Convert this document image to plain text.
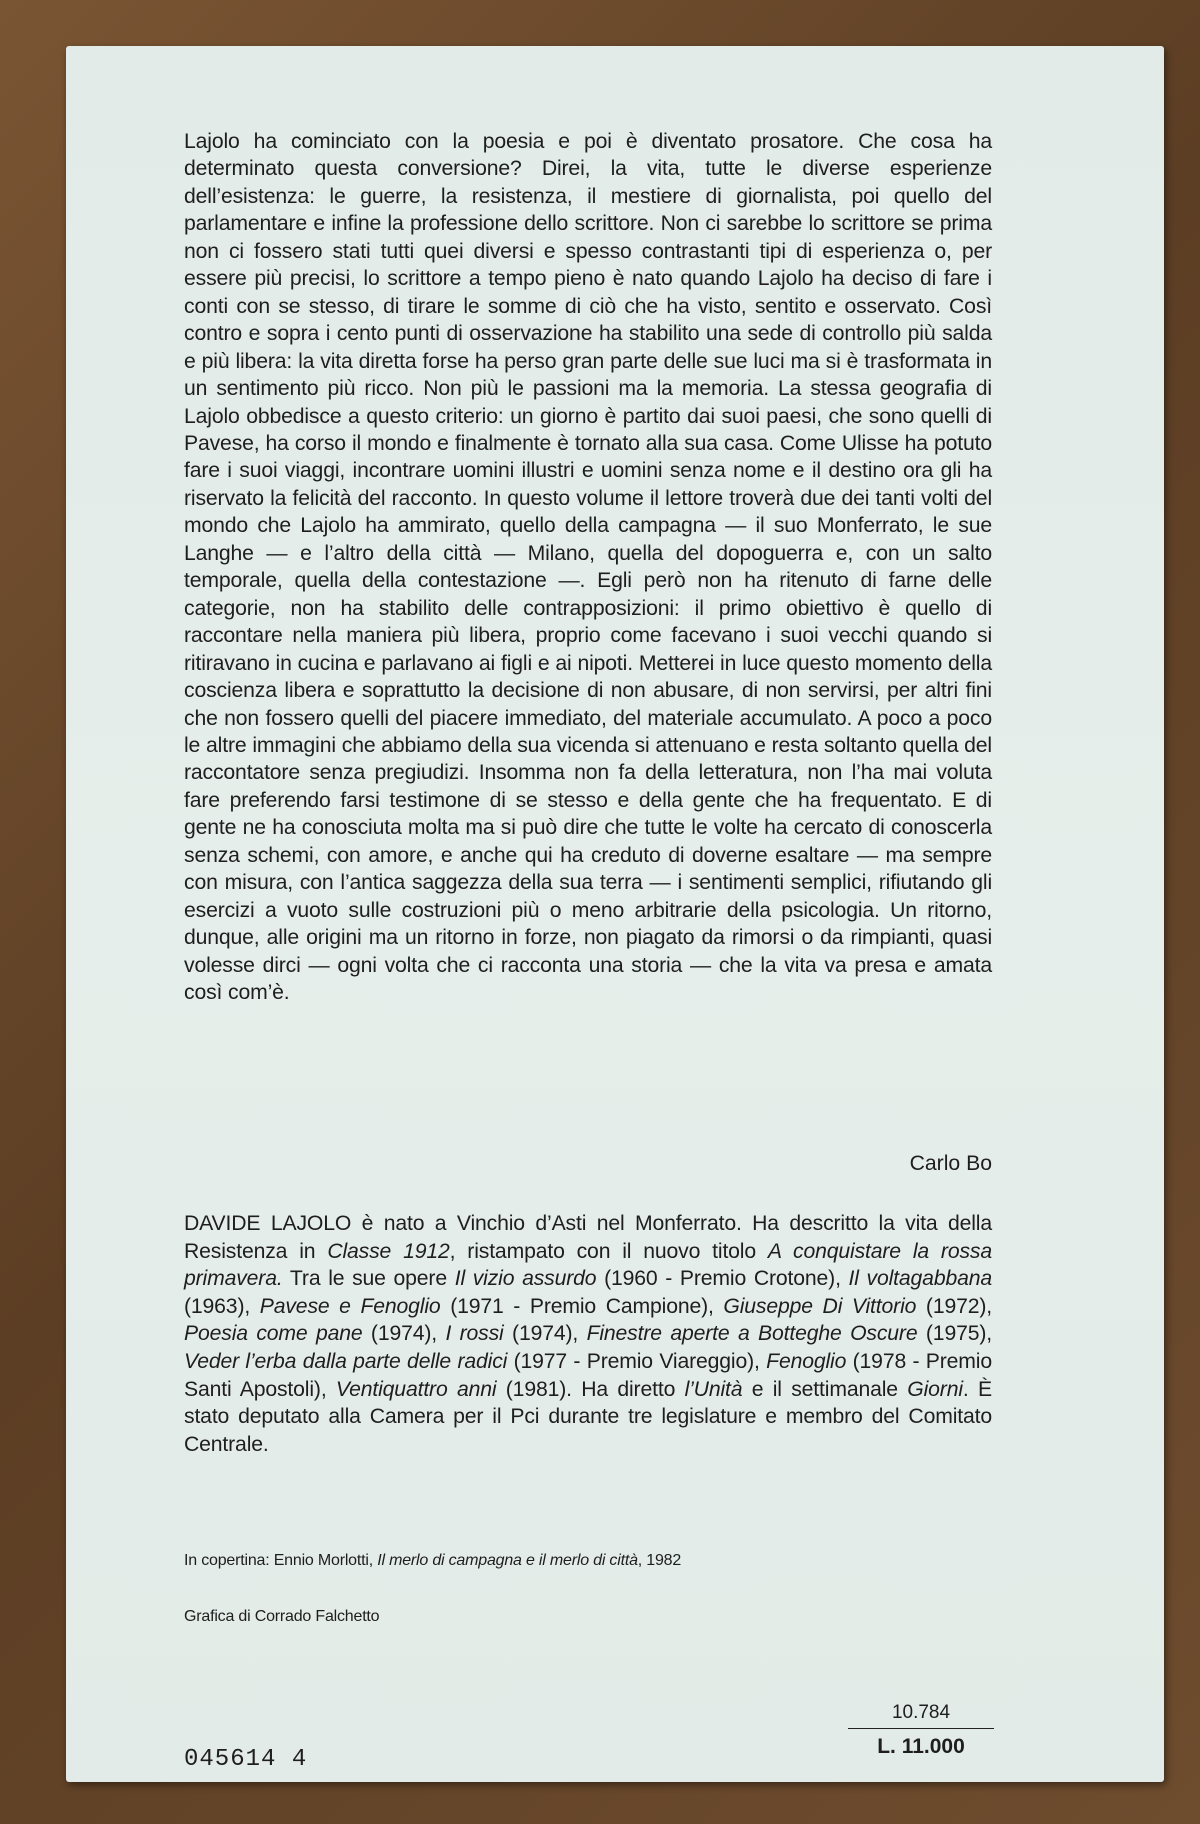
Lajolo ha cominciato con la poesia e poi è diventato prosatore. Che cosa ha determinato questa conversione? Direi, la vita, tutte le diverse esperienze dell’esistenza: le guerre, la resistenza, il mestiere di giornalista, poi quello del parlamentare e infine la professione dello scrittore. Non ci sarebbe lo scrittore se prima non ci fossero stati tutti quei diversi e spesso contrastanti tipi di esperienza o, per essere più precisi, lo scrittore a tempo pieno è nato quando Lajolo ha deciso di fare i conti con se stesso, di tirare le somme di ciò che ha visto, sentito e osservato. Così contro e sopra i cento punti di osservazione ha stabilito una sede di controllo più salda e più libera: la vita diretta forse ha perso gran parte delle sue luci ma si è trasformata in un sentimento più ricco. Non più le passioni ma la memoria. La stessa geografia di Lajolo obbedisce a questo criterio: un giorno è partito dai suoi paesi, che sono quelli di Pavese, ha corso il mondo e finalmente è tornato alla sua casa. Come Ulisse ha potuto fare i suoi viaggi, incontrare uomini illustri e uomini senza nome e il destino ora gli ha riservato la felicità del racconto. In questo volume il lettore troverà due dei tanti volti del mondo che Lajolo ha ammirato, quello della campagna — il suo Monferrato, le sue Langhe — e l’altro della città — Milano, quella del dopoguerra e, con un salto temporale, quella della contestazione —. Egli però non ha ritenuto di farne delle categorie, non ha stabilito delle contrapposizioni: il primo obiettivo è quello di raccontare nella maniera più libera, proprio come facevano i suoi vecchi quando si ritiravano in cucina e parlavano ai figli e ai nipoti. Metterei in luce questo momento della coscienza libera e soprattutto la decisione di non abusare, di non servirsi, per altri fini che non fossero quelli del piacere immediato, del materiale accumulato. A poco a poco le altre immagini che abbiamo della sua vicenda si attenuano e resta soltanto quella del raccontatore senza pregiudizi. Insomma non fa della letteratura, non l’ha mai voluta fare preferendo farsi testimone di se stesso e della gente che ha frequentato. E di gente ne ha conosciuta molta ma si può dire che tutte le volte ha cercato di conoscerla senza schemi, con amore, e anche qui ha creduto di doverne esaltare — ma sempre con misura, con l’antica saggezza della sua terra — i sentimenti semplici, rifiutando gli esercizi a vuoto sulle costruzioni più o meno arbitrarie della psicologia. Un ritorno, dunque, alle origini ma un ritorno in forze, non piagato da rimorsi o da rimpianti, quasi volesse dirci — ogni volta che ci racconta una storia — che la vita va presa e amata così com’è.

Carlo Bo

DAVIDE LAJOLO è nato a Vinchio d’Asti nel Monferrato. Ha descritto la vita della Resistenza in Classe 1912, ristampato con il nuovo titolo A conquistare la rossa primavera. Tra le sue opere Il vizio assurdo (1960 - Premio Crotone), Il voltagabbana (1963), Pavese e Fenoglio (1971 - Premio Campione), Giuseppe Di Vittorio (1972), Poesia come pane (1974), I rossi (1974), Finestre aperte a Botteghe Oscure (1975), Veder l’erba dalla parte delle radici (1977 - Premio Viareggio), Fenoglio (1978 - Premio Santi Apostoli), Ventiquattro anni (1981). Ha diretto l’Unità e il settimanale Giorni. È stato deputato alla Camera per il Pci durante tre legislature e membro del Comitato Centrale.

In copertina: Ennio Morlotti, Il merlo di campagna e il merlo di città, 1982
Grafica di Corrado Falchetto
045614 4
10.784
L. 11.000
